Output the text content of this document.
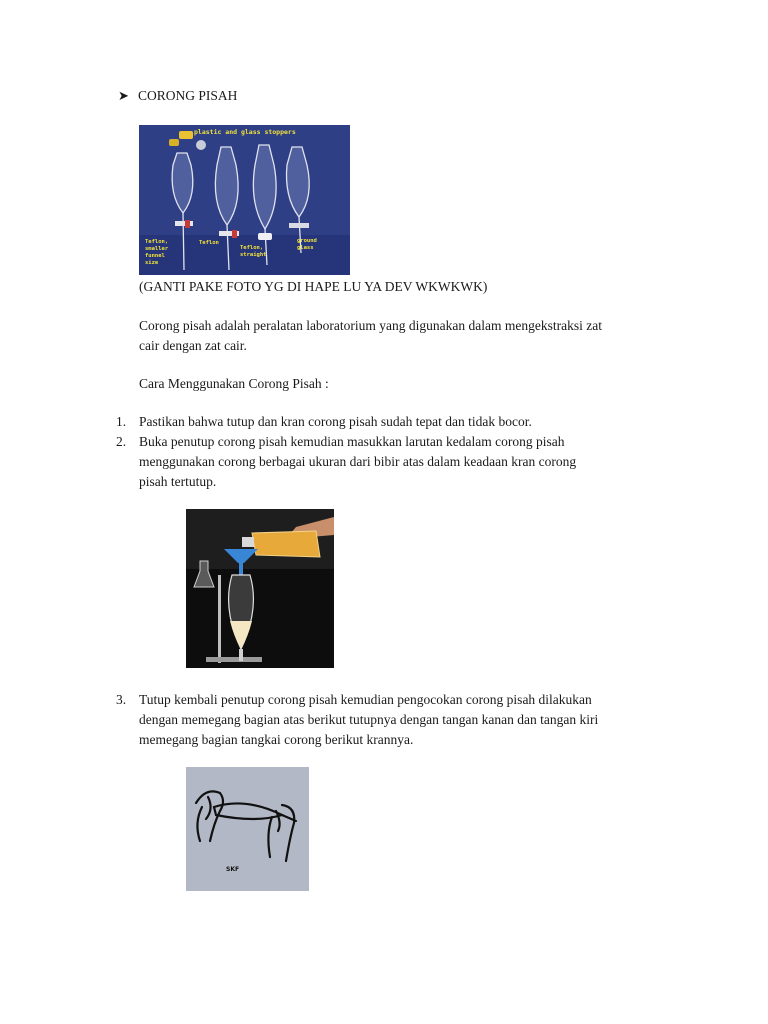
➤ CORONG PISAH
plastic and glass stoppers
Teflon,
smaller
funnel
size
Teflon
Teflon,
straight
ground
glass
(GANTI PAKE FOTO YG DI HAPE LU YA DEV WKWKWK)
Corong pisah adalah peralatan laboratorium yang digunakan dalam mengekstraksi zat
cair dengan zat cair.
Cara Menggunakan Corong Pisah :
1. Pastikan bahwa tutup dan kran corong pisah sudah tepat dan tidak bocor.
2. Buka penutup corong pisah kemudian masukkan larutan kedalam corong pisah
menggunakan corong berbagai ukuran dari bibir atas dalam keadaan kran corong
pisah tertutup.
3. Tutup kembali penutup corong pisah kemudian pengocokan corong pisah dilakukan
dengan memegang bagian atas berikut tutupnya dengan tangan kanan dan tangan kiri
memegang bagian tangkai corong berikut krannya.
SKF
